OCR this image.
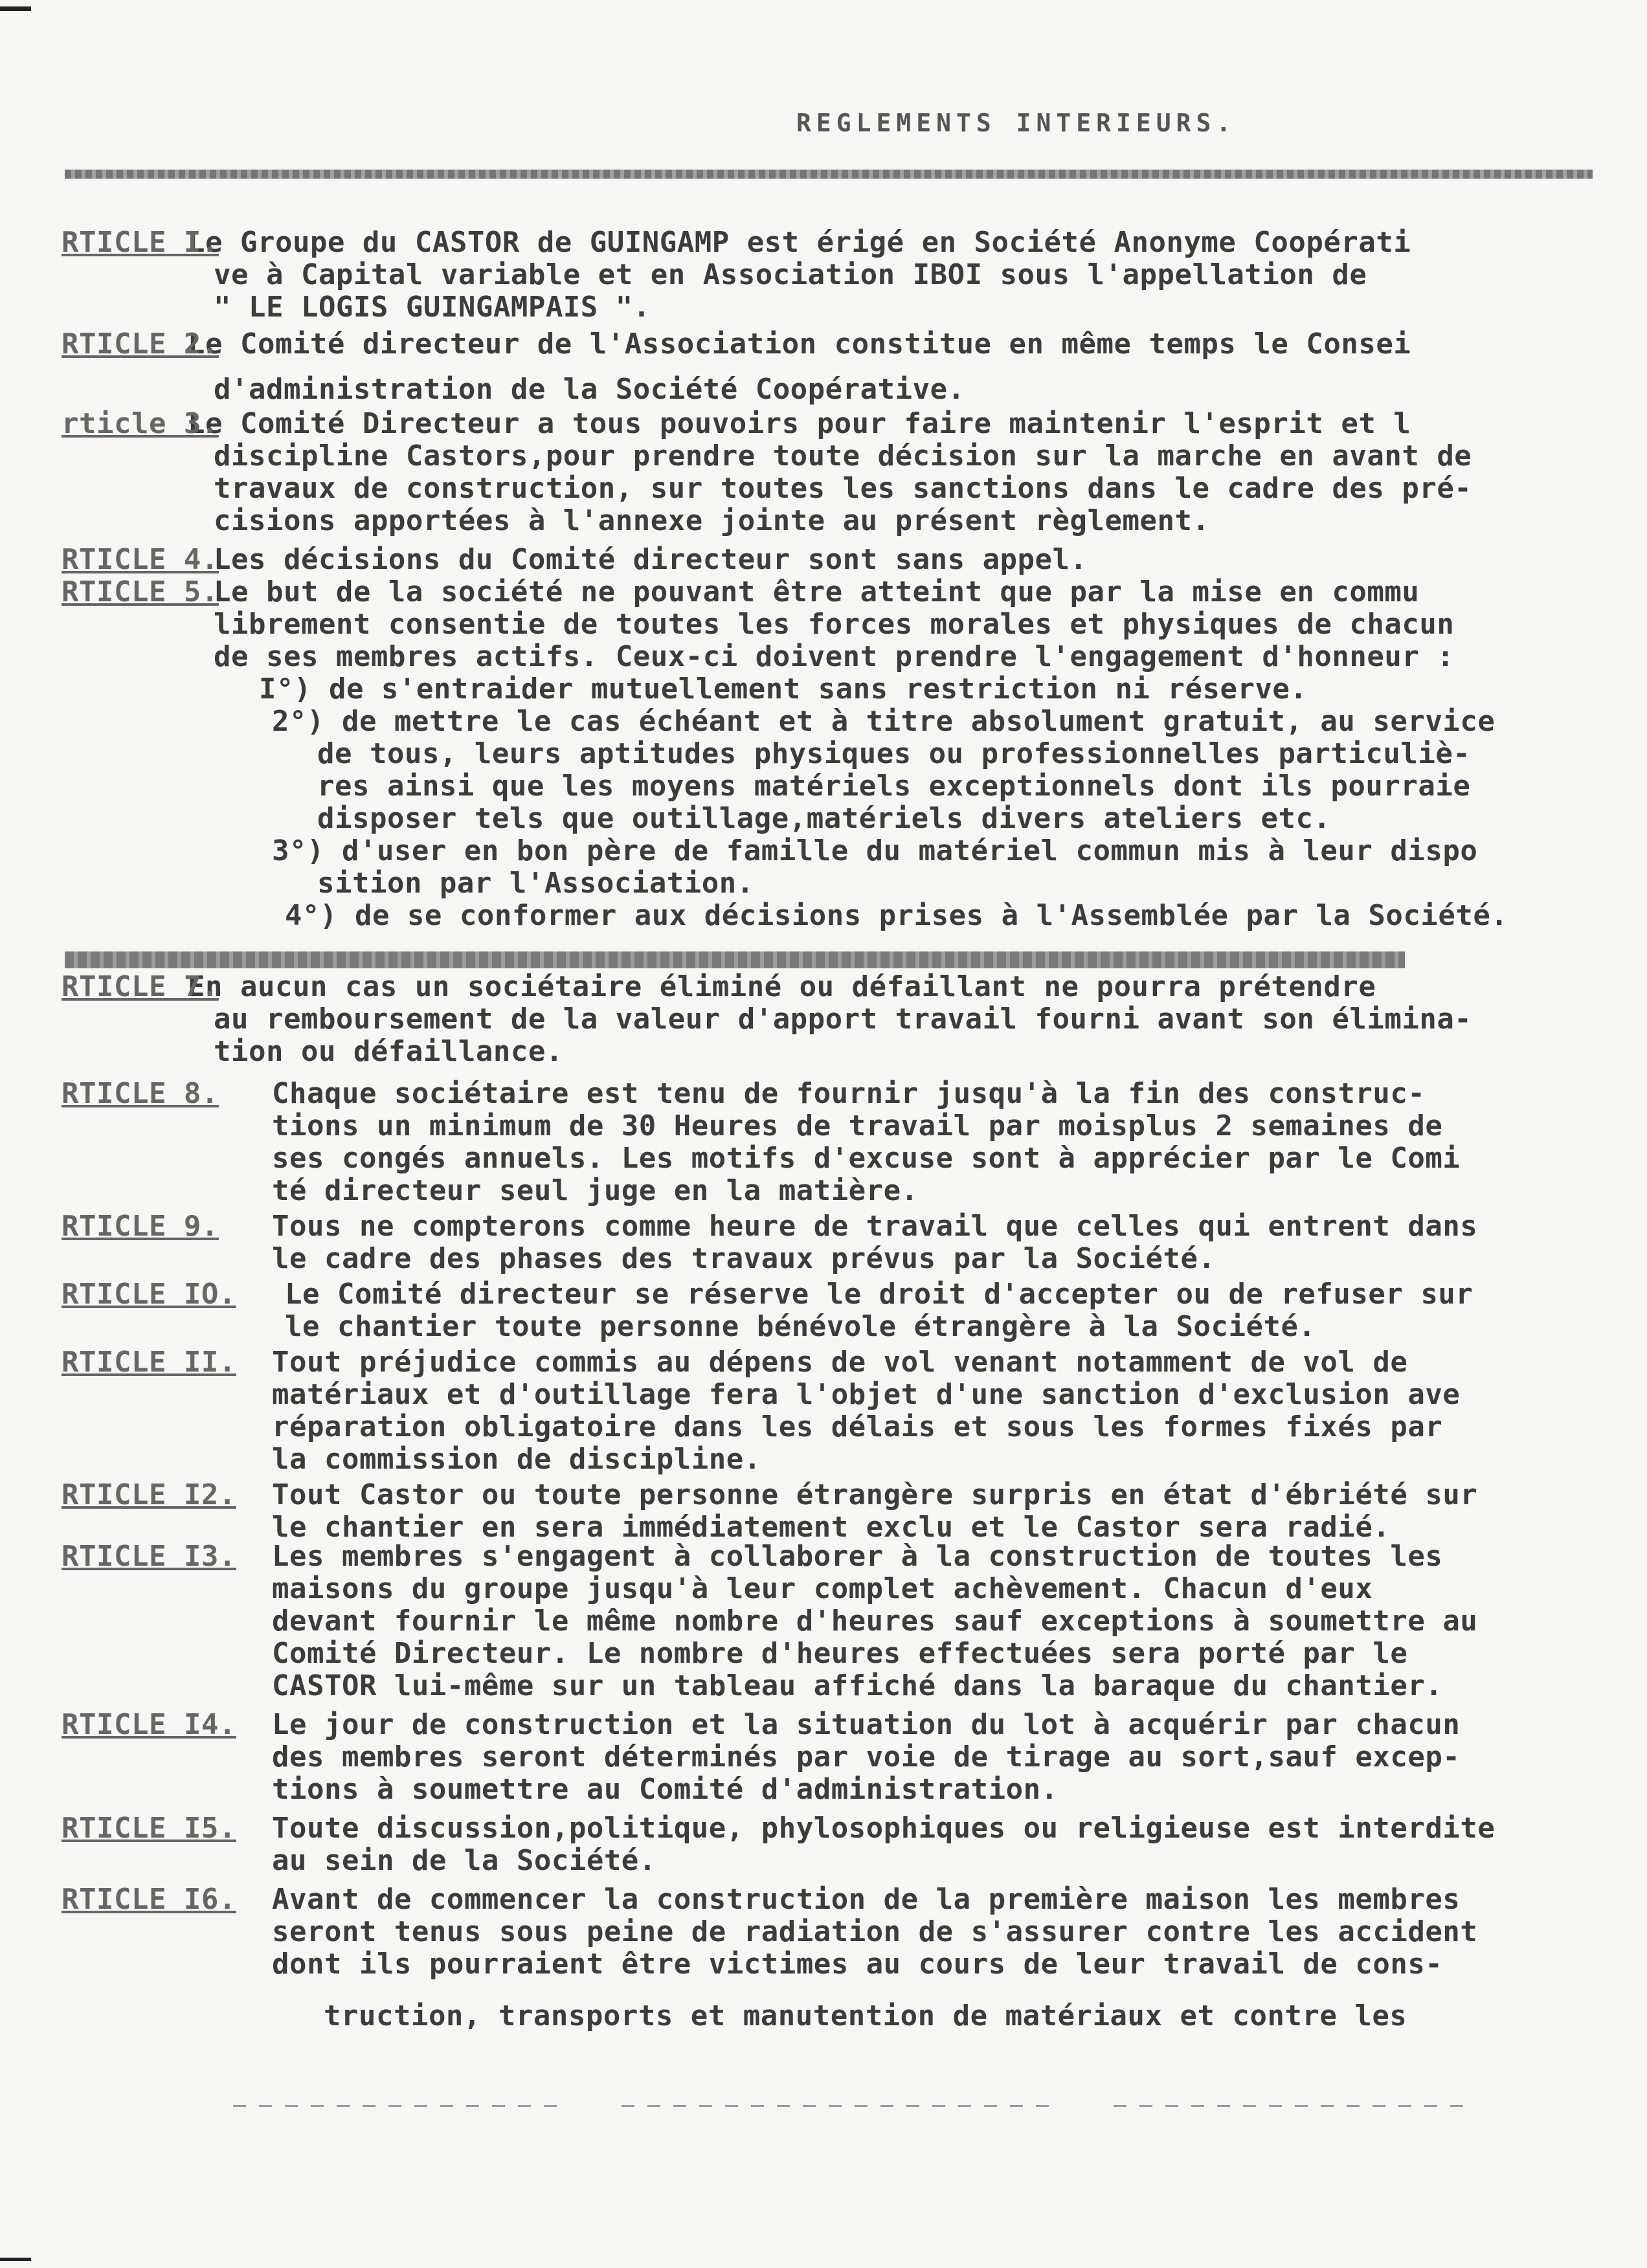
REGLEMENTS INTERIEURS.
RTICLE I.
Le Groupe du CASTOR de GUINGAMP est érigé en Société Anonyme Coopérati
ve à Capital variable et en Association IBOI sous l'appellation de
" LE LOGIS GUINGAMPAIS ".
RTICLE 2.
Le Comité directeur de l'Association constitue en même temps le Consei
d'administration de la Société Coopérative.
rticle 3.
Le Comité Directeur a tous pouvoirs pour faire maintenir l'esprit et l
discipline Castors,pour prendre toute décision sur la marche en avant de
travaux de construction, sur toutes les sanctions dans le cadre des pré-
cisions apportées à l'annexe jointe au présent règlement.
RTICLE 4.
Les décisions du Comité directeur sont sans appel.
RTICLE 5.
Le but de la société ne pouvant être atteint que par la mise en commu
librement consentie de toutes les forces morales et physiques de chacun
de ses membres actifs. Ceux-ci doivent prendre l'engagement d'honneur :
I°) de s'entraider mutuellement sans restriction ni réserve.
2°) de mettre le cas échéant et à titre absolument gratuit, au service
de tous, leurs aptitudes physiques ou professionnelles particuliè-
res ainsi que les moyens matériels exceptionnels dont ils pourraie
disposer tels que outillage,matériels divers ateliers etc.
3°) d'user en bon père de famille du matériel commun mis à leur dispo
sition par l'Association.
4°) de se conformer aux décisions prises à l'Assemblée par la Société.
RTICLE 7.
En aucun cas un sociétaire éliminé ou défaillant ne pourra prétendre
au remboursement de la valeur d'apport travail fourni avant son élimina-
tion ou défaillance.
RTICLE 8.	Chaque sociétaire est tenu de fournir jusqu'à la fin des construc-
tions un minimum de 30 Heures de travail par moisplus 2 semaines de
ses congés annuels. Les motifs d'excuse sont à apprécier par le Comi
té directeur seul juge en la matière.
RTICLE 9.	Tous ne compterons comme heure de travail que celles qui entrent dans
le cadre des phases des travaux prévus par la Société.
RTICLE IO.	Le Comité directeur se réserve le droit d'accepter ou de refuser sur
le chantier toute personne bénévole étrangère à la Société.
RTICLE II.	Tout préjudice commis au dépens de vol venant notamment de vol de
matériaux et d'outillage fera l'objet d'une sanction d'exclusion ave
réparation obligatoire dans les délais et sous les formes fixés par
la commission de discipline.
RTICLE I2.	Tout Castor ou toute personne étrangère surpris en état d'ébriété sur
le chantier en sera immédiatement exclu et le Castor sera radié.
RTICLE I3.	Les membres s'engagent à collaborer à la construction de toutes les
maisons du groupe jusqu'à leur complet achèvement. Chacun d'eux
devant fournir le même nombre d'heures sauf exceptions à soumettre au
Comité Directeur. Le nombre d'heures effectuées sera porté par le
CASTOR lui-même sur un tableau affiché dans la baraque du chantier.
RTICLE I4.	Le jour de construction et la situation du lot à acquérir par chacun
des membres seront déterminés par voie de tirage au sort,sauf excep-
tions à soumettre au Comité d'administration.
RTICLE I5.	Toute discussion,politique, phylosophiques ou religieuse est interdite
au sein de la Société.
RTICLE I6.	Avant de commencer la construction de la première maison les membres
seront tenus sous peine de radiation de s'assurer contre les accident
dont ils pourraient être victimes au cours de leur travail de cons-
truction, transports et manutention de matériaux et contre les
